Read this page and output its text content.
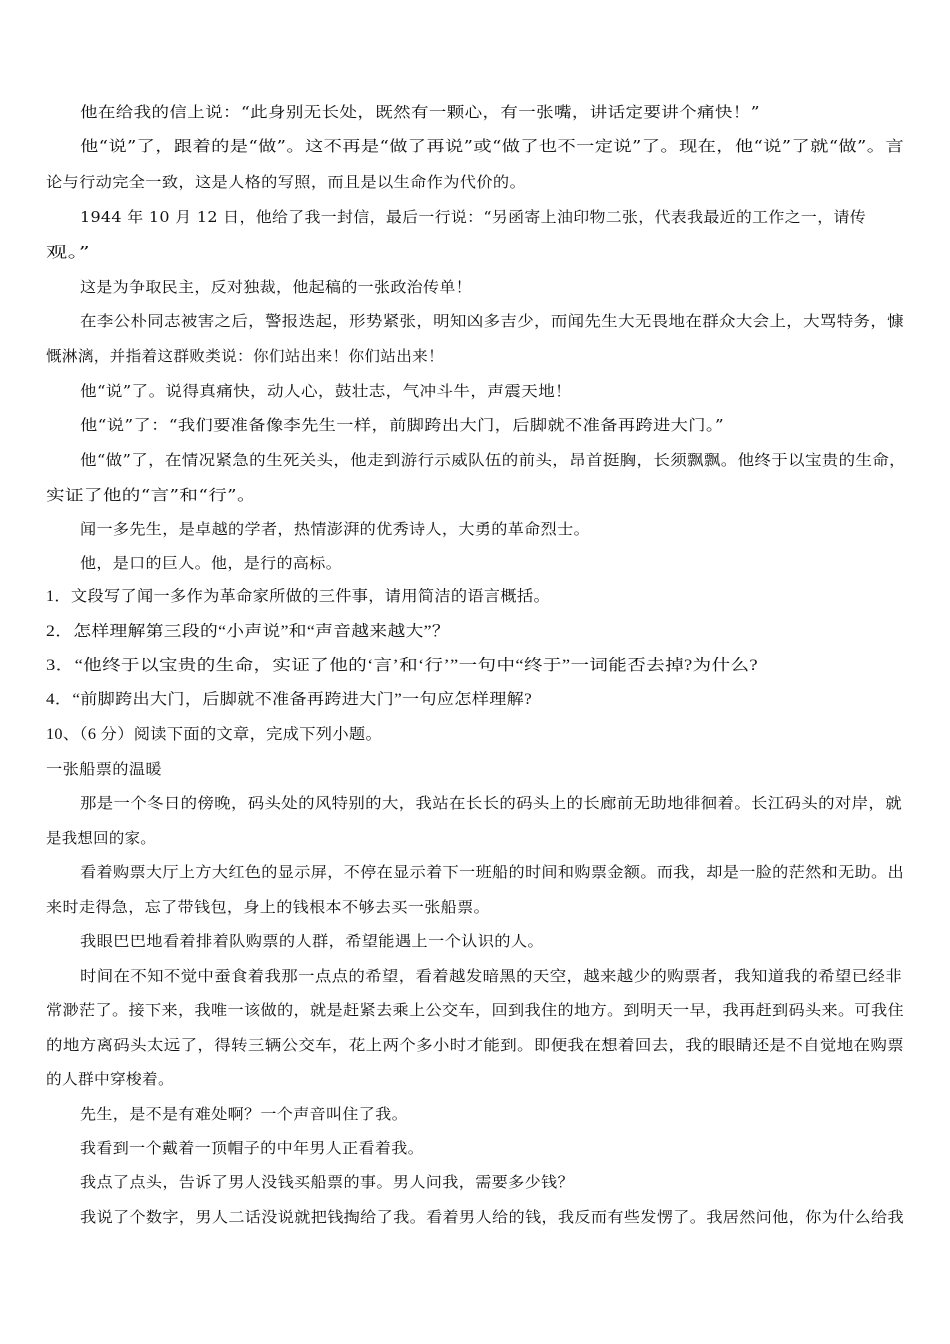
他在给我的信上说：“此身别无长处，既然有一颗心，有一张嘴，讲话定要讲个痛快！”
他“说”了，跟着的是“做”。这不再是“做了再说”或“做了也不一定说”了。现在，他“说”了就“做”。言
论与行动完全一致，这是人格的写照，而且是以生命作为代价的。
1944 年 10 月 12 日，他给了我一封信，最后一行说：“另函寄上油印物二张，代表我最近的工作之一，请传
观。”
这是为争取民主，反对独裁，他起稿的一张政治传单！
在李公朴同志被害之后，警报迭起，形势紧张，明知凶多吉少，而闻先生大无畏地在群众大会上，大骂特务，慷
慨淋漓，并指着这群败类说：你们站出来！你们站出来！
他“说”了。说得真痛快，动人心，鼓壮志，气冲斗牛，声震天地！
他“说”了：“我们要准备像李先生一样，前脚跨出大门，后脚就不准备再跨进大门。”
他“做”了，在情况紧急的生死关头，他走到游行示威队伍的前头，昂首挺胸，长须飘飘。他终于以宝贵的生命，
实证了他的“言”和“行”。
闻一多先生，是卓越的学者，热情澎湃的优秀诗人，大勇的革命烈士。
他，是口的巨人。他，是行的高标。
1．文段写了闻一多作为革命家所做的三件事，请用简洁的语言概括。
2．怎样理解第三段的“小声说”和“声音越来越大”？
3．“他终于以宝贵的生命，实证了他的‘言’和‘行’”一句中“终于”一词能否去掉?为什么?
4．“前脚跨出大门，后脚就不准备再跨进大门”一句应怎样理解?
10、（6 分）阅读下面的文章，完成下列小题。
一张船票的温暖
那是一个冬日的傍晚，码头处的风特别的大，我站在长长的码头上的长廊前无助地徘徊着。长江码头的对岸，就
是我想回的家。
看着购票大厅上方大红色的显示屏，不停在显示着下一班船的时间和购票金额。而我，却是一脸的茫然和无助。出
来时走得急，忘了带钱包，身上的钱根本不够去买一张船票。
我眼巴巴地看着排着队购票的人群，希望能遇上一个认识的人。
时间在不知不觉中蚕食着我那一点点的希望，看着越发暗黑的天空，越来越少的购票者，我知道我的希望已经非
常渺茫了。接下来，我唯一该做的，就是赶紧去乘上公交车，回到我住的地方。到明天一早，我再赶到码头来。可我住
的地方离码头太远了，得转三辆公交车，花上两个多小时才能到。即便我在想着回去，我的眼睛还是不自觉地在购票
的人群中穿梭着。
先生，是不是有难处啊？一个声音叫住了我。
我看到一个戴着一顶帽子的中年男人正看着我。
我点了点头，告诉了男人没钱买船票的事。男人问我，需要多少钱？
我说了个数字，男人二话没说就把钱掏给了我。看着男人给的钱，我反而有些发愣了。我居然问他，你为什么给我
